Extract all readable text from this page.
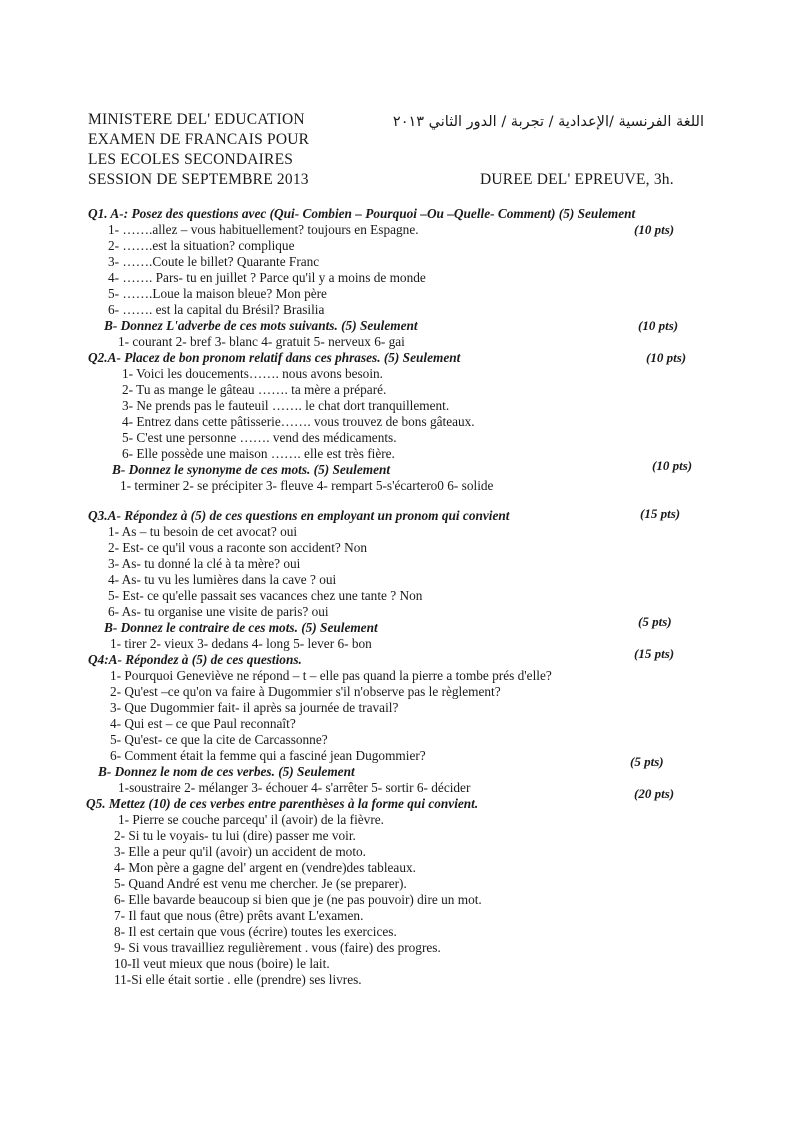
MINISTERE DEL' EDUCATION
EXAMEN DE FRANCAIS POUR
LES ECOLES SECONDAIRES
SESSION DE SEPTEMBRE 2013
اللغة الفرنسية /الإعدادية / تجربة / الدور الثاني ٢٠١٣
DUREE DEL' EPREUVE, 3h.
Q1. A-: Posez des questions avec (Qui- Combien – Pourquoi –Ou –Quelle- Comment) (5) Seulement
1- …….allez – vous habituellement? toujours en Espagne.
2- …….est la situation? complique
3- …….Coute le billet? Quarante Franc
4- ……. Pars- tu en juillet ? Parce qu'il y a moins de monde
5- …….Loue la maison bleue? Mon père
6- ……. est la capital du Brésil? Brasilia
B- Donnez L'adverbe de ces mots suivants. (5) Seulement
1- courant 2- bref 3- blanc 4- gratuit 5- nerveux 6- gai
Q2.A- Placez de bon pronom relatif dans ces phrases. (5) Seulement
1- Voici les doucements……. nous avons besoin.
2- Tu as mange le gâteau ……. ta mère a préparé.
3- Ne prends pas le fauteuil ……. le chat dort tranquillement.
4- Entrez dans cette pâtisserie……. vous trouvez de bons gâteaux.
5- C'est une personne ……. vend des médicaments.
6- Elle possède une maison ……. elle est très fière.
B- Donnez le synonyme de ces mots. (5) Seulement
1- terminer 2- se précipiter 3- fleuve 4- rempart 5-s'écartero0 6- solide
Q3.A- Répondez à (5) de ces questions en employant un pronom qui convient
1- As – tu besoin de cet avocat? oui
2- Est- ce qu'il vous a raconte son accident? Non
3- As- tu donné la clé à ta mère? oui
4- As- tu vu les lumières dans la cave ? oui
5- Est- ce qu'elle passait ses vacances chez une tante ? Non
6- As- tu organise une visite de paris? oui
B- Donnez le contraire de ces mots. (5) Seulement
1- tirer 2- vieux 3- dedans 4- long 5- lever 6- bon
Q4:A- Répondez à (5) de ces questions.
1- Pourquoi Geneviève ne répond – t – elle pas quand la pierre a tombe prés d'elle?
2- Qu'est –ce qu'on va faire à Dugommier s'il n'observe pas le règlement?
3- Que Dugommier fait- il après sa journée de travail?
4- Qui est – ce que Paul reconnaît?
5- Qu'est- ce que la cite de Carcassonne?
6- Comment était la femme qui a fasciné jean Dugommier?
B- Donnez le nom de ces verbes. (5) Seulement
1-soustraire 2- mélanger 3- échouer 4- s'arrêter 5- sortir 6- décider
Q5. Mettez (10) de ces verbes entre parenthèses à la forme qui convient.
1- Pierre se couche parcequ' il (avoir) de la fièvre.
2- Si tu le voyais- tu lui (dire) passer me voir.
3- Elle a peur qu'il (avoir) un accident de moto.
4- Mon père a gagne del' argent en (vendre)des tableaux.
5- Quand André est venu me chercher. Je (se preparer).
6- Elle bavarde beaucoup si bien que je (ne pas pouvoir) dire un mot.
7- Il faut que nous (être) prêts avant L'examen.
8- Il est certain que vous (écrire) toutes les exercices.
9- Si vous travailliez regulièrement . vous (faire) des progres.
10-Il veut mieux que nous (boire) le lait.
11-Si elle était sortie . elle (prendre) ses livres.
(10 pts)
(10 pts)
(10 pts)
(10 pts)
(15 pts)
(5 pts)
(15 pts)
(5 pts)
(20 pts)
